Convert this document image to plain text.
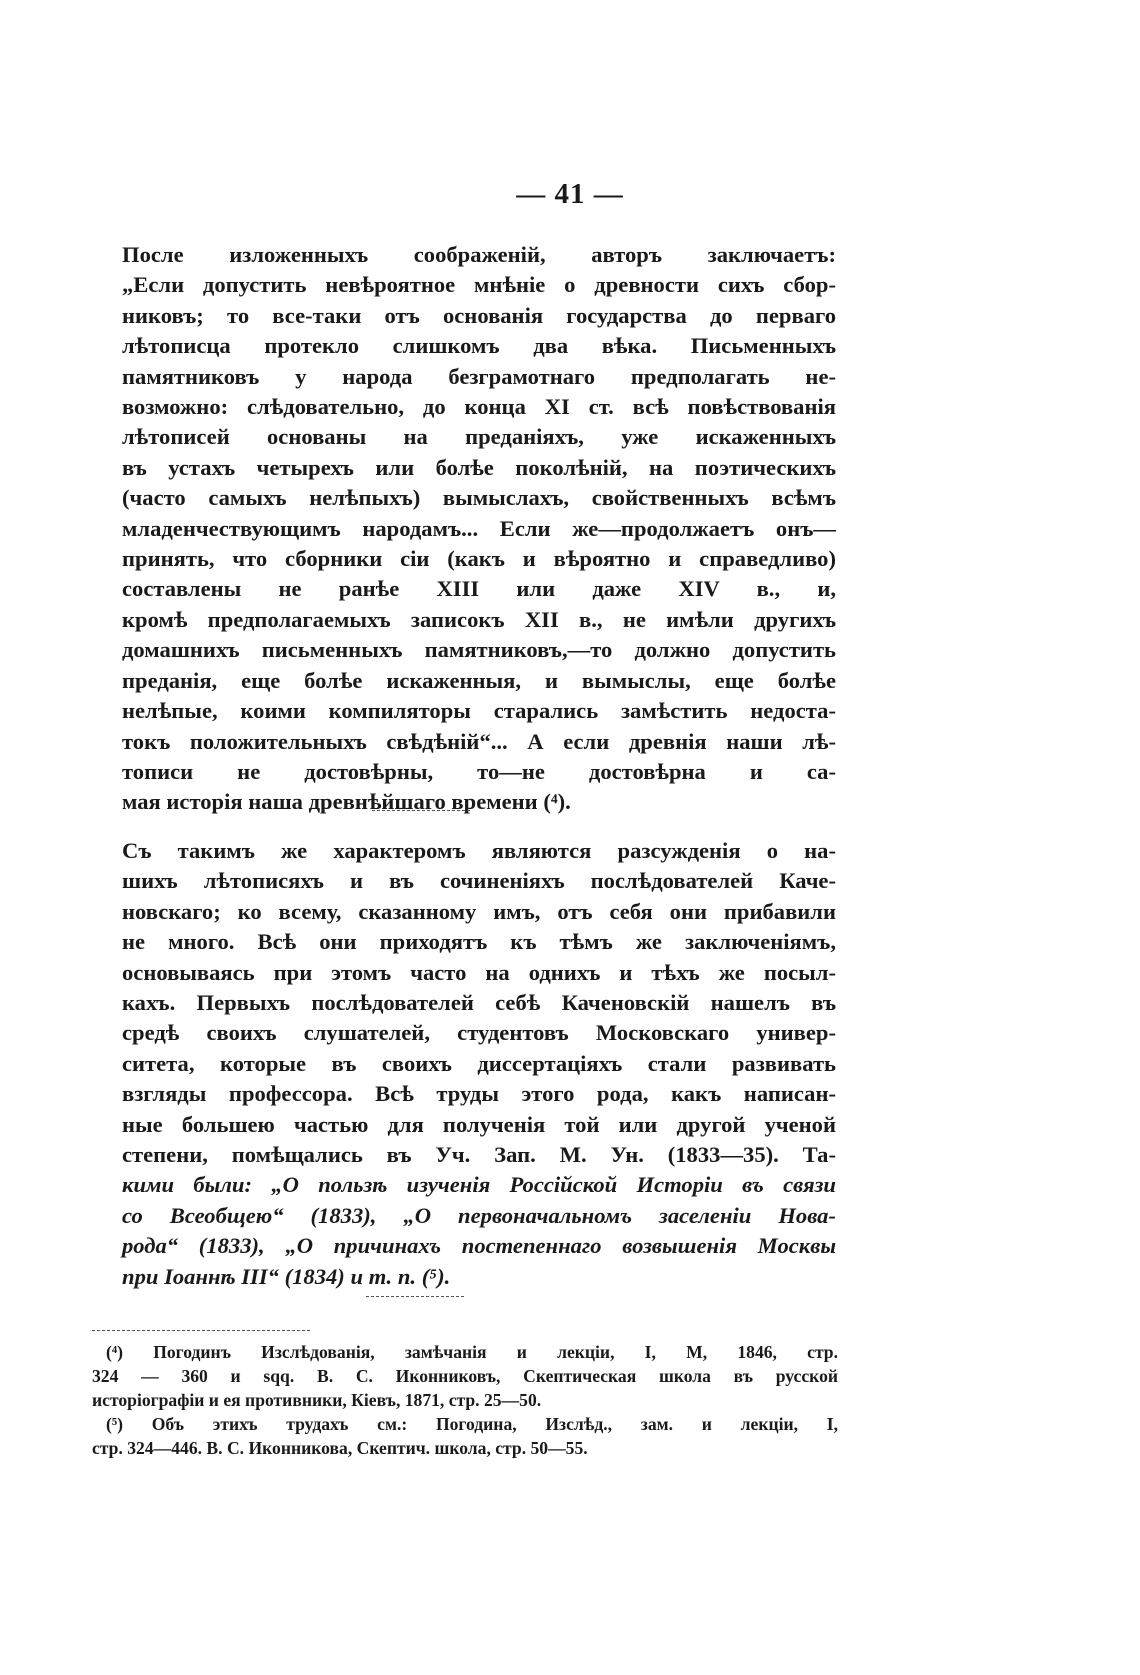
— 41 —
После изложенныхъ соображеній, авторъ заключаетъ:
„Если допустить невѣроятное мнѣніе о древности сихъ сбор-
никовъ; то все-таки отъ основанія государства до перваго
лѣтописца протекло слишкомъ два вѣка. Письменныхъ
памятниковъ у народа безграмотнаго предполагать не-
возможно: слѣдовательно, до конца XI ст. всѣ повѣствованія
лѣтописей основаны на преданіяхъ, уже искаженныхъ
въ устахъ четырехъ или болѣе поколѣній, на поэтическихъ
(часто самыхъ нелѣпыхъ) вымыслахъ, свойственныхъ всѣмъ
младенчествующимъ народамъ... Если же—продолжаетъ онъ—
принять, что сборники сіи (какъ и вѣроятно и справедливо)
составлены не ранѣе XIII или даже XIV в., и,
кромѣ предполагаемыхъ записокъ XII в., не имѣли другихъ
домашнихъ письменныхъ памятниковъ,—то должно допустить
преданія, еще болѣе искаженныя, и вымыслы, еще болѣе
нелѣпые, коими компиляторы старались замѣстить недоста-
токъ положительныхъ свѣдѣній“... А если древнія наши лѣ-
тописи не достовѣрны, то—не достовѣрна и са-
мая исторія наша древнѣйшаго времени (⁴).
Съ такимъ же характеромъ являются разсужденія о на-
шихъ лѣтописяхъ и въ сочиненіяхъ послѣдователей Каче-
новскаго; ко всему, сказанному имъ, отъ себя они прибавили
не много. Всѣ они приходятъ къ тѣмъ же заключеніямъ,
основываясь при этомъ часто на однихъ и тѣхъ же посыл-
кахъ. Первыхъ послѣдователей себѣ Каченовскій нашелъ въ
средѣ своихъ слушателей, студентовъ Московскаго универ-
ситета, которые въ своихъ диссертаціяхъ стали развивать
взгляды профессора. Всѣ труды этого рода, какъ написан-
ные большею частью для полученія той или другой ученой
степени, помѣщались въ Уч. Зап. М. Ун. (1833—35). Та-
кими были: „О пользѣ изученія Россійской Исторіи въ связи
со Всеобщею“ (1833), „О первоначальномъ заселеніи Нова-
рода“ (1833), „О причинахъ постепеннаго возвышенія Москвы
при Іоаннѣ III“ (1834) и т. п. (⁵).
(⁴) Погодинъ Изслѣдованія, замѣчанія и лекціи, I, М, 1846, стр.
324 — 360 и sqq. В. С. Иконниковъ, Скептическая школа въ русской
исторіографіи и ея противники, Кіевъ, 1871, стр. 25—50.
(⁵) Объ этихъ трудахъ см.: Погодина, Изслѣд., зам. и лекціи, I,
стр. 324—446. В. С. Иконникова, Скептич. школа, стр. 50—55.
